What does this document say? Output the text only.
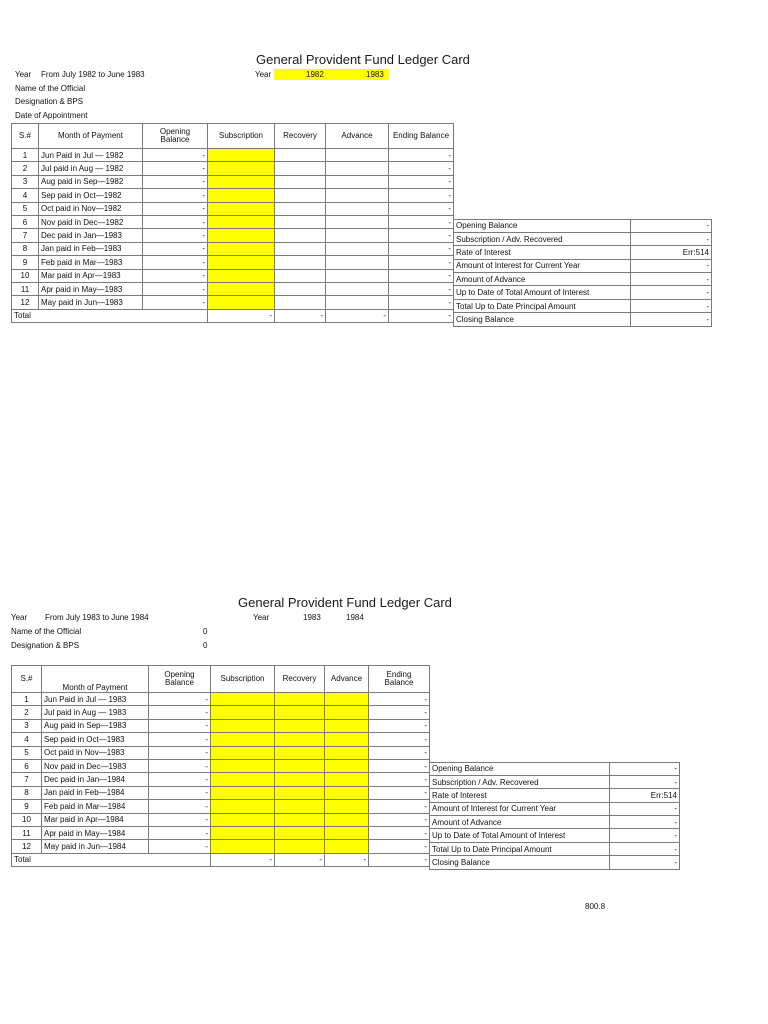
General Provident Fund Ledger Card
Year From July 1982 to June 1983	Year	1982	1983
Name of the Official
Designation & BPS
Date of Appointment
S.#	Month of Payment	Opening Balance	Subscription	Recovery	Advance	Ending Balance
1	Jun Paid in Jul — 1982	-				-
2	Jul paid in Aug — 1982	-				-
3	Aug paid in Sep—1982	-				-
4	Sep paid in Oct—1982	-				-
5	Oct paid in Nov—1982	-				-
6	Nov paid in Dec—1982	-				-
7	Dec paid in Jan—1983	-				-
8	Jan paid in Feb—1983	-				-
9	Feb paid in Mar—1983	-				-
10	Mar paid in Apr—1983	-				-
11	Apr paid in May—1983	-				-
12	May paid in Jun—1983	-				-
Total			-	-	-	-
Opening Balance	-
Subscription / Adv. Recovered	-
Rate of Interest	Err:514
Amount of Interest for Current Year	-
Amount of Advance	-
Up to Date of Total Amount of Interest	-
Total Up to Date Principal Amount	-
Closing Balance	-
General Provident Fund Ledger Card
Year From July 1983 to June 1984	Year	1983	1984
Name of the Official	0
Designation & BPS	0
S.#	Month of Payment	Opening Balance	Subscription	Recovery	Advance	Ending Balance
1	Jun Paid in Jul — 1983	-				-
2	Jul paid in Aug — 1983	-				-
3	Aug paid in Sep—1983	-				-
4	Sep paid in Oct—1983	-				-
5	Oct paid in Nov—1983	-				-
6	Nov paid in Dec—1983	-				-
7	Dec paid in Jan—1984	-				-
8	Jan paid in Feb—1984	-				-
9	Feb paid in Mar—1984	-				-
10	Mar paid in Apr—1984	-				-
11	Apr paid in May—1984	-				-
12	May paid in Jun—1984	-				-
Total			-	-	-	-
Opening Balance	-
Subscription / Adv. Recovered	-
Rate of Interest	Err:514
Amount of Interest for Current Year	-
Amount of Advance	-
Up to Date of Total Amount of Interest	-
Total Up to Date Principal Amount	-
Closing Balance	-
800.8
